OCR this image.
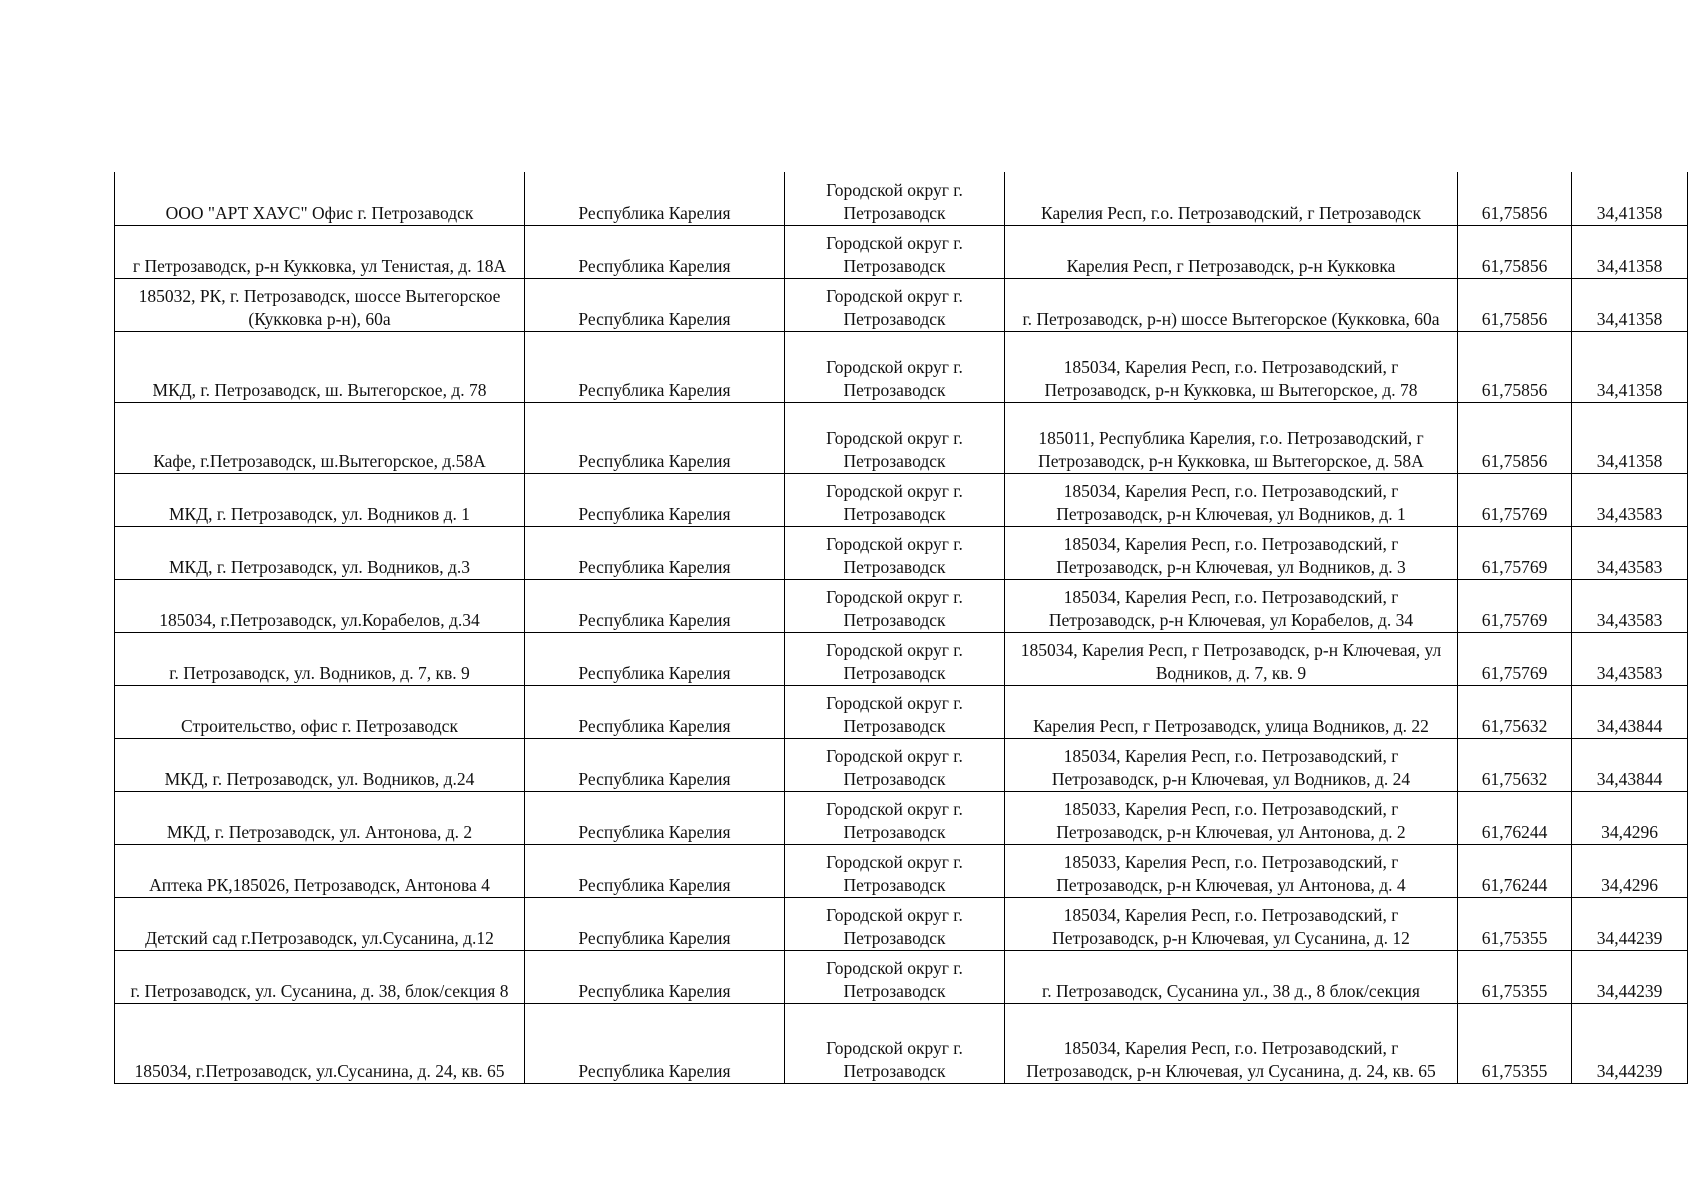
ООО "АРТ ХАУС" Офис г. Петрозаводск	Республика Карелия	Городской округ г. Петрозаводск	Карелия Респ, г.о. Петрозаводский, г Петрозаводск	61,75856	34,41358
г Петрозаводск, р-н Кукковка, ул Тенистая, д. 18А	Республика Карелия	Городской округ г. Петрозаводск	Карелия Респ, г Петрозаводск, р-н Кукковка	61,75856	34,41358
185032, РК, г. Петрозаводск, шоссе Вытегорское (Кукковка р-н), 60а	Республика Карелия	Городской округ г. Петрозаводск	г. Петрозаводск, р-н) шоссе Вытегорское (Кукковка, 60а	61,75856	34,41358
МКД, г. Петрозаводск, ш. Вытегорское, д. 78	Республика Карелия	Городской округ г. Петрозаводск	185034, Карелия Респ, г.о. Петрозаводский, г Петрозаводск, р-н Кукковка, ш Вытегорское, д. 78	61,75856	34,41358
Кафе, г.Петрозаводск, ш.Вытегорское, д.58А	Республика Карелия	Городской округ г. Петрозаводск	185011, Республика Карелия, г.о. Петрозаводский, г Петрозаводск, р-н Кукковка, ш Вытегорское, д. 58А	61,75856	34,41358
МКД, г. Петрозаводск, ул. Водников д. 1	Республика Карелия	Городской округ г. Петрозаводск	185034, Карелия Респ, г.о. Петрозаводский, г Петрозаводск, р-н Ключевая, ул Водников, д. 1	61,75769	34,43583
МКД, г. Петрозаводск, ул. Водников, д.3	Республика Карелия	Городской округ г. Петрозаводск	185034, Карелия Респ, г.о. Петрозаводский, г Петрозаводск, р-н Ключевая, ул Водников, д. 3	61,75769	34,43583
185034, г.Петрозаводск, ул.Корабелов, д.34	Республика Карелия	Городской округ г. Петрозаводск	185034, Карелия Респ, г.о. Петрозаводский, г Петрозаводск, р-н Ключевая, ул Корабелов, д. 34	61,75769	34,43583
г. Петрозаводск, ул. Водников, д. 7, кв. 9	Республика Карелия	Городской округ г. Петрозаводск	185034, Карелия Респ, г Петрозаводск, р-н Ключевая, ул Водников, д. 7, кв. 9	61,75769	34,43583
Строительство, офис г. Петрозаводск	Республика Карелия	Городской округ г. Петрозаводск	Карелия Респ, г Петрозаводск, улица Водников, д. 22	61,75632	34,43844
МКД, г. Петрозаводск, ул. Водников, д.24	Республика Карелия	Городской округ г. Петрозаводск	185034, Карелия Респ, г.о. Петрозаводский, г Петрозаводск, р-н Ключевая, ул Водников, д. 24	61,75632	34,43844
МКД, г. Петрозаводск, ул. Антонова, д. 2	Республика Карелия	Городской округ г. Петрозаводск	185033, Карелия Респ, г.о. Петрозаводский, г Петрозаводск, р-н Ключевая, ул Антонова, д. 2	61,76244	34,4296
Аптека РК,185026, Петрозаводск, Антонова 4	Республика Карелия	Городской округ г. Петрозаводск	185033, Карелия Респ, г.о. Петрозаводский, г Петрозаводск, р-н Ключевая, ул Антонова, д. 4	61,76244	34,4296
Детский сад г.Петрозаводск, ул.Сусанина, д.12	Республика Карелия	Городской округ г. Петрозаводск	185034, Карелия Респ, г.о. Петрозаводский, г Петрозаводск, р-н Ключевая, ул Сусанина, д. 12	61,75355	34,44239
г. Петрозаводск, ул. Сусанина, д. 38, блок/секция 8	Республика Карелия	Городской округ г. Петрозаводск	г. Петрозаводск, Сусанина ул., 38 д., 8 блок/секция	61,75355	34,44239
185034, г.Петрозаводск, ул.Сусанина, д. 24, кв. 65	Республика Карелия	Городской округ г. Петрозаводск	185034, Карелия Респ, г.о. Петрозаводский, г Петрозаводск, р-н Ключевая, ул Сусанина, д. 24, кв. 65	61,75355	34,44239
